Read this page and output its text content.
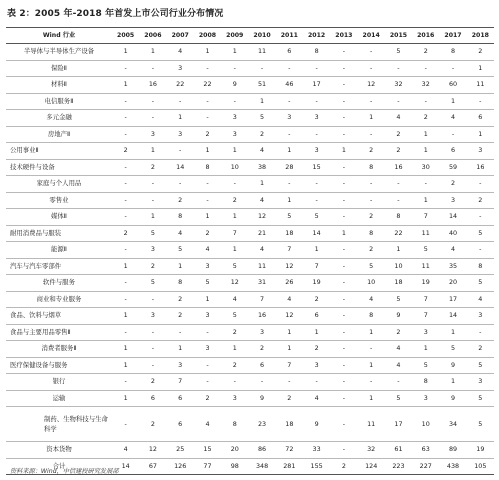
表 2：2005 年-2018 年首发上市公司行业分布情况
Wind 行业	2005	2006	2007	2008	2009	2010	2011	2012	2013	2014	2015	2016	2017	2018
半导体与半导体生产设备	1	1	4	1	1	11	6	8	-	-	5	2	8	2
保险Ⅱ	-	-	3	-	-	-	-	-	-	-	-	-	-	1
材料Ⅱ	1	16	22	22	9	51	46	17	-	12	32	32	60	11
电信服务Ⅱ	-	-	-	-	-	1	-	-	-	-	-	-	1	-
多元金融	-	-	1	-	3	5	3	3	-	1	4	2	4	6
房地产Ⅱ	-	3	3	2	3	2	-	-	-	-	2	1	-	1
公用事业Ⅱ	2	1	-	1	1	4	1	3	1	2	2	1	6	3
技术硬件与设备	-	2	14	8	10	38	28	15	-	8	16	30	59	16
家庭与个人用品	-	-	-	-	-	1	-	-	-	-	-	-	2	-
零售业	-	-	2	-	2	4	1	-	-	-	-	1	3	2
媒体Ⅱ	-	1	8	1	1	12	5	5	-	2	8	7	14	-
耐用消费品与服装	2	5	4	2	7	21	18	14	1	8	22	11	40	5
能源Ⅱ	-	3	5	4	1	4	7	1	-	2	1	5	4	-
汽车与汽车零部件	1	2	1	3	5	11	12	7	-	5	10	11	35	8
软件与服务	-	5	8	5	12	31	26	19	-	10	18	19	20	5
商业和专业服务	-	-	2	1	4	7	4	2	-	4	5	7	17	4
食品、饮料与烟草	1	3	2	3	5	16	12	6	-	8	9	7	14	3
食品与主要用品零售Ⅱ	-	-	-	-	2	3	1	1	-	1	2	3	1	-
消费者服务Ⅱ	1	-	1	3	1	2	1	2	-	-	4	1	5	2
医疗保健设备与服务	1	-	3	-	2	6	7	3	-	1	4	5	9	5
银行	-	2	7	-	-	-	-	-	-	-	-	8	1	3
运输	1	6	6	2	3	9	2	4	-	1	5	3	9	5
制药、生物科技与生命科学	-	2	6	4	8	23	18	9	-	11	17	10	34	5
资本货物	4	12	25	15	20	86	72	33	-	32	61	63	89	19
合计	14	67	126	77	98	348	281	155	2	124	223	227	438	105
资料来源：Wind，中信建投研究发展部
